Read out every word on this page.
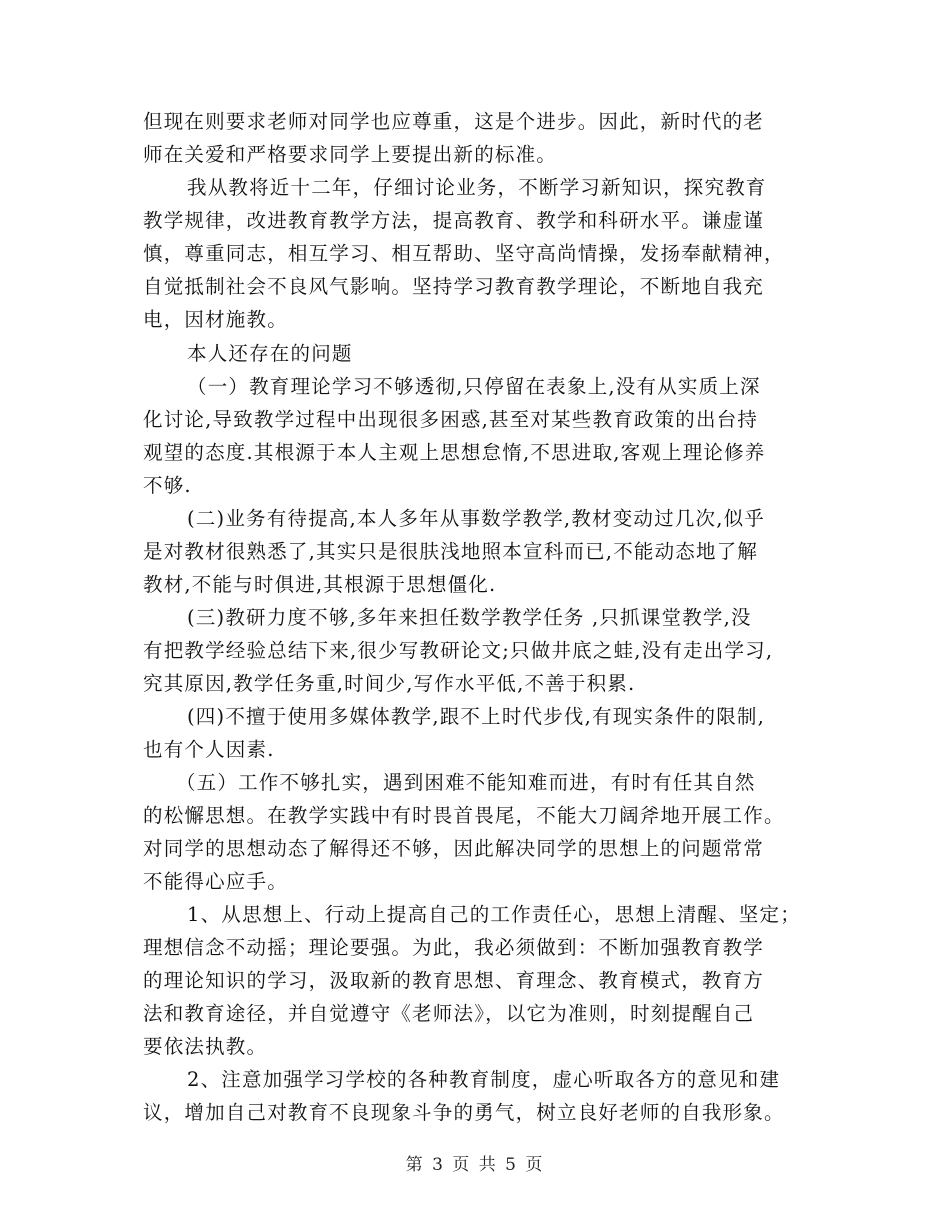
但现在则要求老师对同学也应尊重，这是个进步。因此，新时代的老
师在关爱和严格要求同学上要提出新的标准。
我从教将近十二年，仔细讨论业务，不断学习新知识，探究教育
教学规律，改进教育教学方法，提高教育、教学和科研水平。谦虚谨
慎，尊重同志，相互学习、相互帮助、坚守高尚情操，发扬奉献精神，
自觉抵制社会不良风气影响。坚持学习教育教学理论，不断地自我充
电，因材施教。
本人还存在的问题
（一）教育理论学习不够透彻,只停留在表象上,没有从实质上深
化讨论,导致教学过程中出现很多困惑,甚至对某些教育政策的出台持
观望的态度.其根源于本人主观上思想怠惰,不思进取,客观上理论修养
不够.
(二)业务有待提高,本人多年从事数学教学,教材变动过几次,似乎
是对教材很熟悉了,其实只是很肤浅地照本宣科而已,不能动态地了解
教材,不能与时俱进,其根源于思想僵化.
(三)教研力度不够,多年来担任数学教学任务 ,只抓课堂教学,没
有把教学经验总结下来,很少写教研论文;只做井底之蛙,没有走出学习,
究其原因,教学任务重,时间少,写作水平低,不善于积累.
(四)不擅于使用多媒体教学,跟不上时代步伐,有现实条件的限制,
也有个人因素.
（五）工作不够扎实，遇到困难不能知难而进，有时有任其自然
的松懈思想。在教学实践中有时畏首畏尾，不能大刀阔斧地开展工作。
对同学的思想动态了解得还不够，因此解决同学的思想上的问题常常
不能得心应手。
1、从思想上、行动上提高自己的工作责任心，思想上清醒、坚定；
理想信念不动摇；理论要强。为此，我必须做到：不断加强教育教学
的理论知识的学习，汲取新的教育思想、育理念、教育模式，教育方
法和教育途径，并自觉遵守《老师法》，以它为准则，时刻提醒自己
要依法执教。
2、注意加强学习学校的各种教育制度，虚心听取各方的意见和建
议，增加自己对教育不良现象斗争的勇气，树立良好老师的自我形象。
第 3 页 共 5 页
